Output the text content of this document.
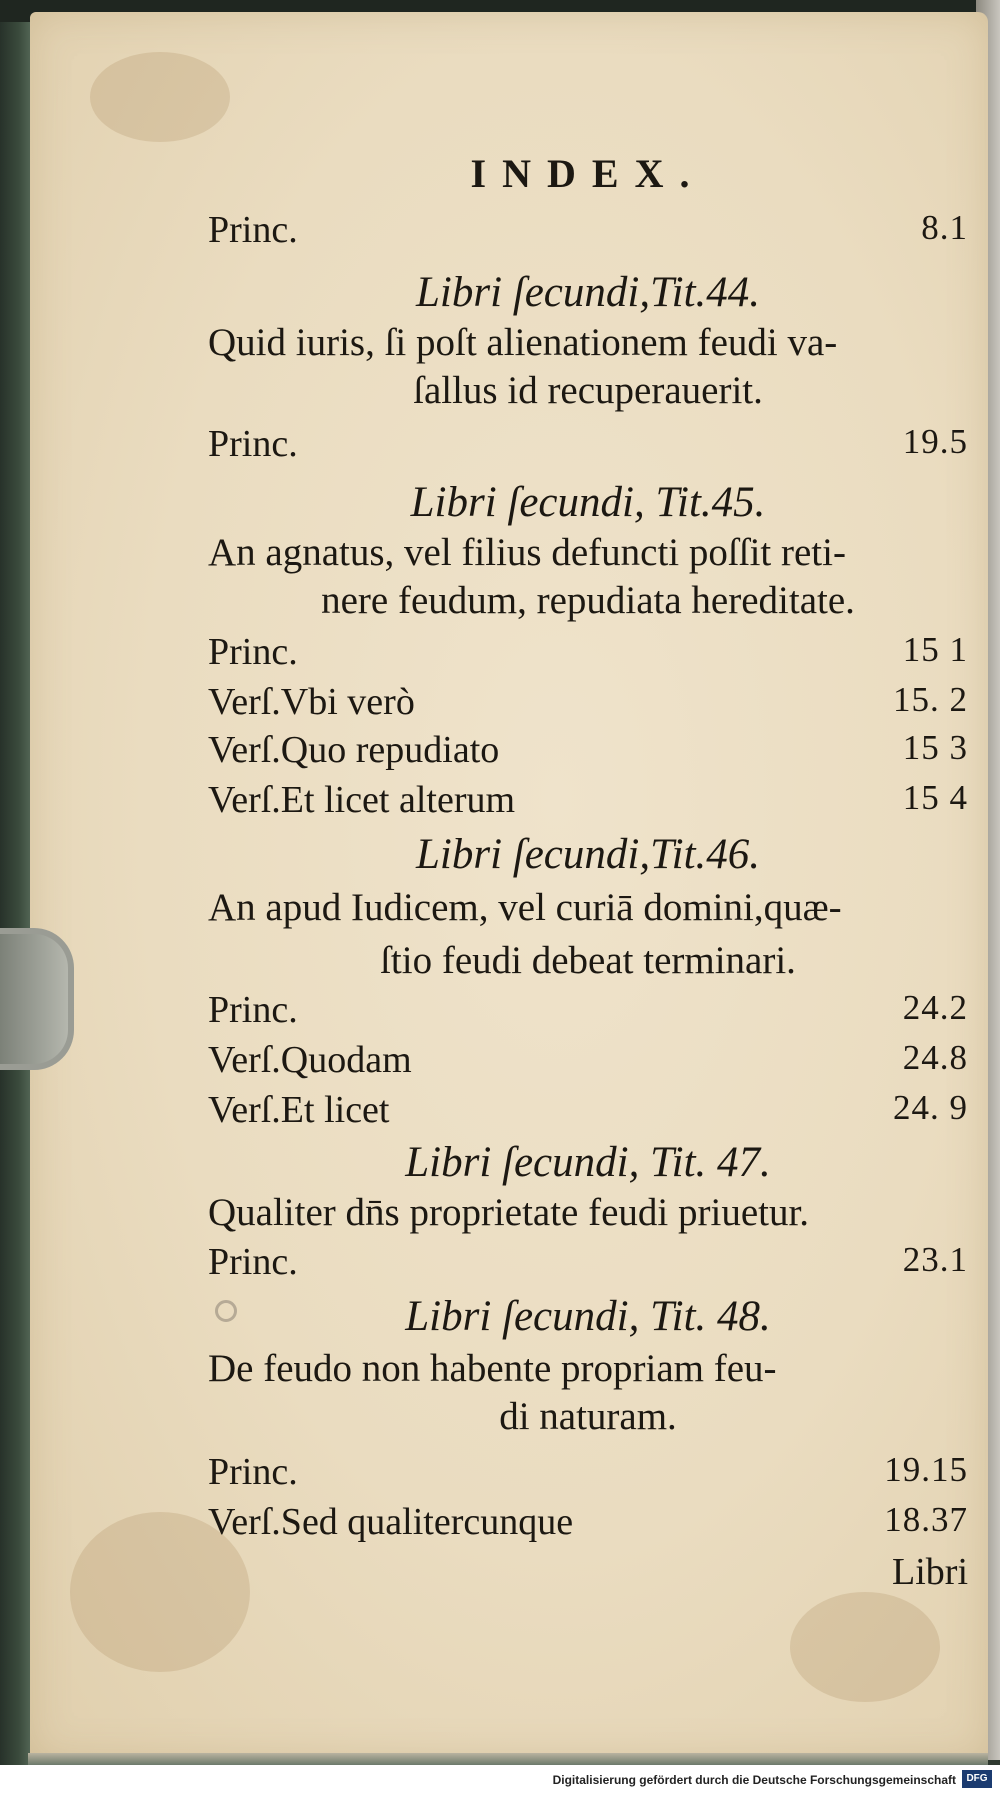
INDEX.
Princ.	8.1
Libri ſecundi,Tit.44.
Quid iuris, ſi poſt alienationem feudi va-
ſallus id recuperauerit.
Princ.	19.5
Libri ſecundi, Tit.45.
An agnatus, vel filius defuncti poſſit reti-
nere feudum, repudiata hereditate.
Princ.	15 1
Verſ.Vbi verò	15. 2
Verſ.Quo repudiato	15 3
Verſ.Et licet alterum	15 4
Libri ſecundi,Tit.46.
An apud Iudicem, vel curiā domini,quæ-
ſtio feudi debeat terminari.
Princ.	24.2
Verſ.Quodam	24.8
Verſ.Et licet	24. 9
Libri ſecundi, Tit. 47.
Qualiter dn̄s proprietate feudi priuetur.
Princ.	23.1
Libri ſecundi, Tit. 48.
De feudo non habente propriam feu-
di naturam.
Princ.	19.15
Verſ.Sed qualitercunque	18.37
Libri
Digitalisierung gefördert durch die Deutsche Forschungsgemeinschaft	DFG
